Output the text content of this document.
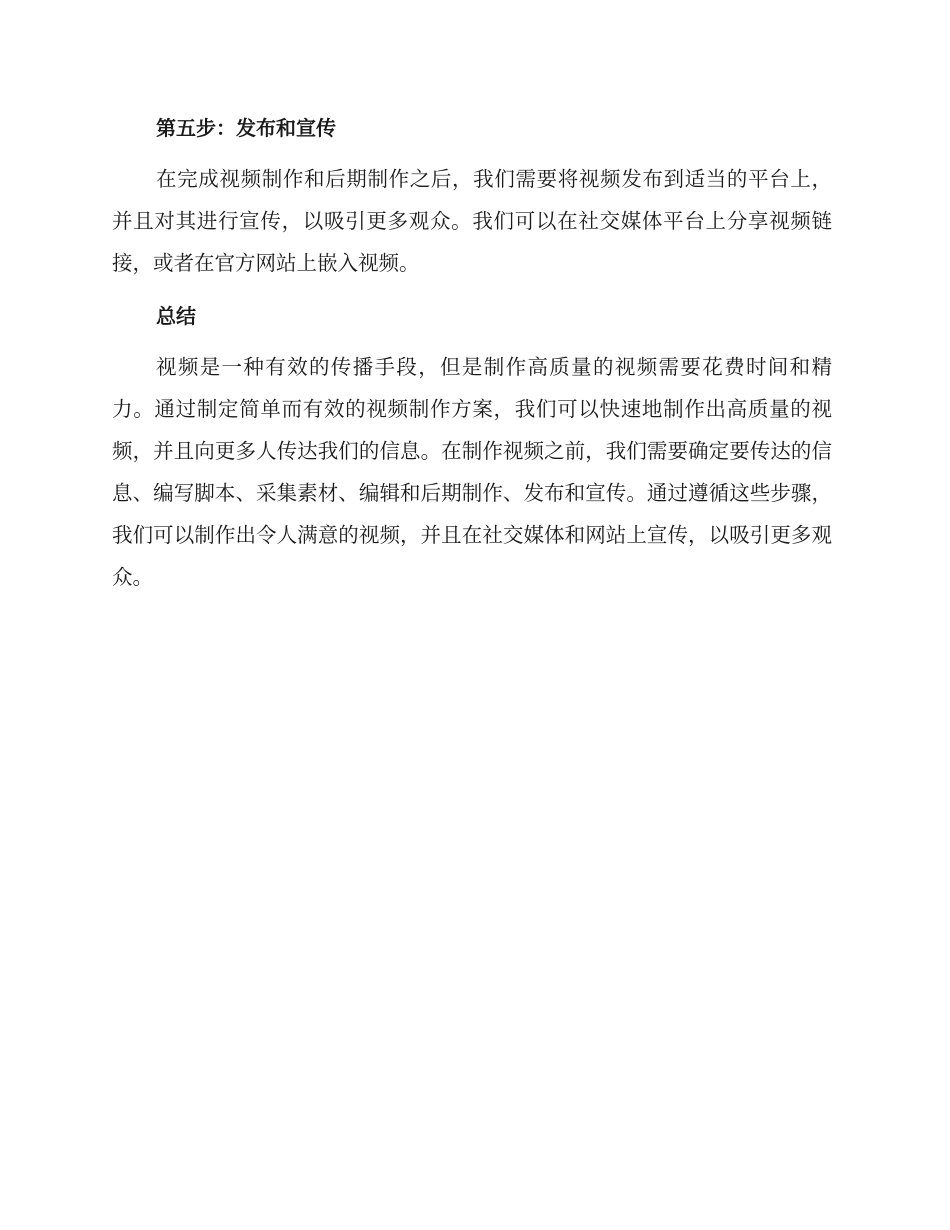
第五步：发布和宣传

在完成视频制作和后期制作之后，我们需要将视频发布到适当的平台上，并且对其进行宣传，以吸引更多观众。我们可以在社交媒体平台上分享视频链接，或者在官方网站上嵌入视频。

总结

视频是一种有效的传播手段，但是制作高质量的视频需要花费时间和精力。通过制定简单而有效的视频制作方案，我们可以快速地制作出高质量的视频，并且向更多人传达我们的信息。在制作视频之前，我们需要确定要传达的信息、编写脚本、采集素材、编辑和后期制作、发布和宣传。通过遵循这些步骤，我们可以制作出令人满意的视频，并且在社交媒体和网站上宣传，以吸引更多观众。
